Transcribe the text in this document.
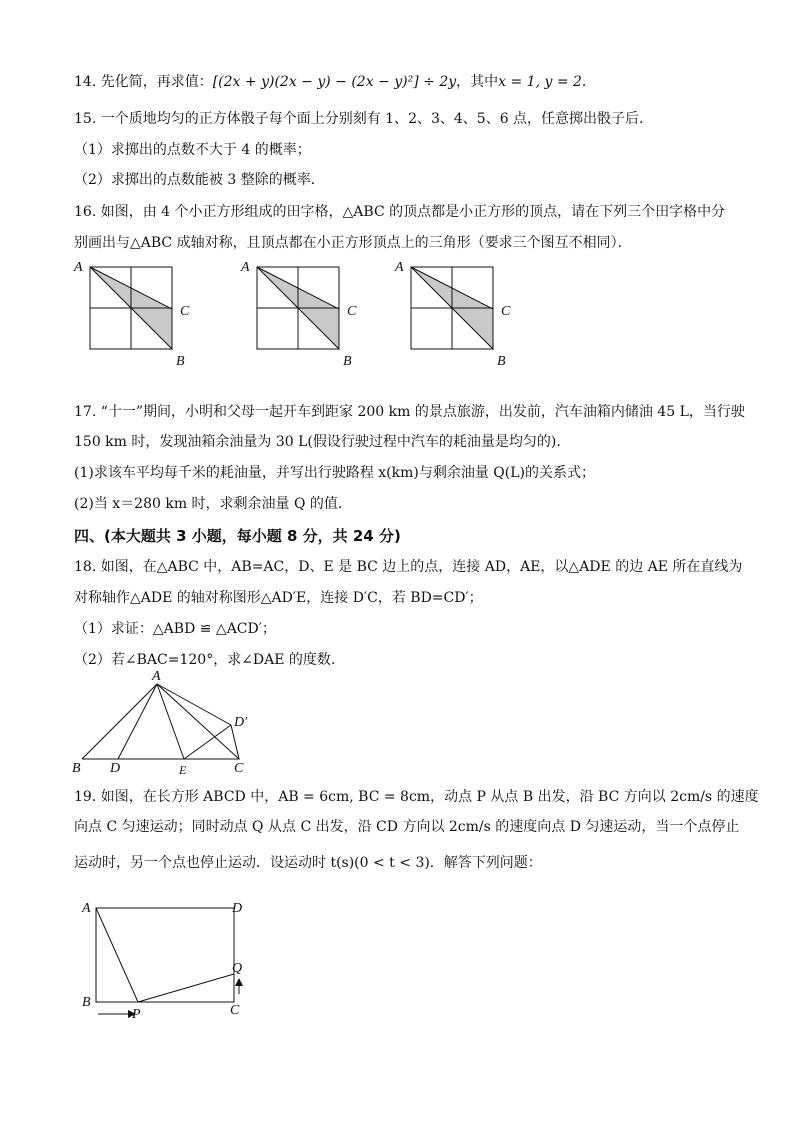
14. 先化简，再求值：[(2x + y)(2x − y) − (2x − y)²] ÷ 2y，其中x = 1, y = 2．
15. 一个质地均匀的正方体骰子每个面上分别刻有 1、2、3、4、5、6 点，任意掷出骰子后．
（1）求掷出的点数不大于 4 的概率；
（2）求掷出的点数能被 3 整除的概率．
16. 如图，由 4 个小正方形组成的田字格，△ABC 的顶点都是小正方形的顶点，请在下列三个田字格中分
别画出与△ABC 成轴对称，且顶点都在小正方形顶点上的三角形（要求三个图互不相同）．
A
C
B
A
C
B
A
C
B
17. “十一”期间，小明和父母一起开车到距家 200 km 的景点旅游，出发前，汽车油箱内储油 45 L，当行驶
150 km 时，发现油箱余油量为 30 L(假设行驶过程中汽车的耗油量是均匀的).
(1)求该车平均每千米的耗油量，并写出行驶路程 x(km)与剩余油量 Q(L)的关系式；
(2)当 x＝280 km 时，求剩余油量 Q 的值.
四、(本大题共 3 小题，每小题 8 分，共 24 分)
18. 如图，在△ABC 中，AB=AC，D、E 是 BC 边上的点，连接 AD，AE，以△ADE 的边 AE 所在直线为
对称轴作△ADE 的轴对称图形△AD′E，连接 D′C，若 BD=CD′；
（1）求证：△ABD ≌ △ACD′；
（2）若∠BAC=120°，求∠DAE 的度数.
A
B D	E	C
D′
19. 如图，在长方形 ABCD 中，AB = 6cm, BC = 8cm，动点 P 从点 B 出发，沿 BC 方向以 2cm/s 的速度
向点 C 匀速运动；同时动点 Q 从点 C 出发，沿 CD 方向以 2cm/s 的速度向点 D 匀速运动，当一个点停止
运动时，另一个点也停止运动．设运动时 t(s)(0 < t < 3)．解答下列问题：
A	D
B
C
P
Q
